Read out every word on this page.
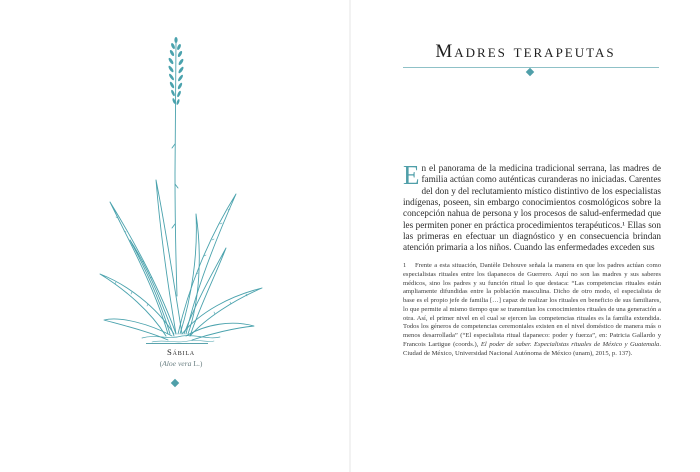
Sábila
(Aloe vera L.)
Madres terapeutas
En el panorama de la medicina tradicional serrana, las madres de familia actúan como auténticas curanderas no iniciadas. Carentes del don y del reclutamiento místico distintivo de los especialistas indígenas, poseen, sin embargo conocimientos cosmológicos sobre la concepción nahua de persona y los procesos de salud-enfermedad que les permiten poner en práctica procedimientos terapéuticos.¹ Ellas son las primeras en efectuar un diagnóstico y en consecuencia brindan atención primaria a los niños. Cuando las enfermedades exceden sus
1 Frente a esta situación, Danièle Dehouve señala la manera en que los padres actúan como especialistas rituales entre los tlapanecos de Guerrero. Aquí no son las madres y sus saberes médicos, sino los padres y su función ritual lo que destaca: “Las competencias rituales están ampliamente difundidas entre la población masculina. Dicho de otro modo, el especialista de base es el propio jefe de familia […] capaz de realizar los rituales en beneficio de sus familiares, lo que permite al mismo tiempo que se transmitan los conocimientos rituales de una generación a otra. Así, el primer nivel en el cual se ejercen las competencias rituales es la familia extendida. Todos los géneros de competencias ceremoniales existen en el nivel doméstico de manera más o menos desarrollada” (“El especialista ritual tlapaneco: poder y fuerza”, en: Patricia Gallardo y Francois Lartigue (coords.), El poder de saber. Especialistas rituales de México y Guatemala. Ciudad de México, Universidad Nacional Autónoma de México (unam), 2015, p. 137).
